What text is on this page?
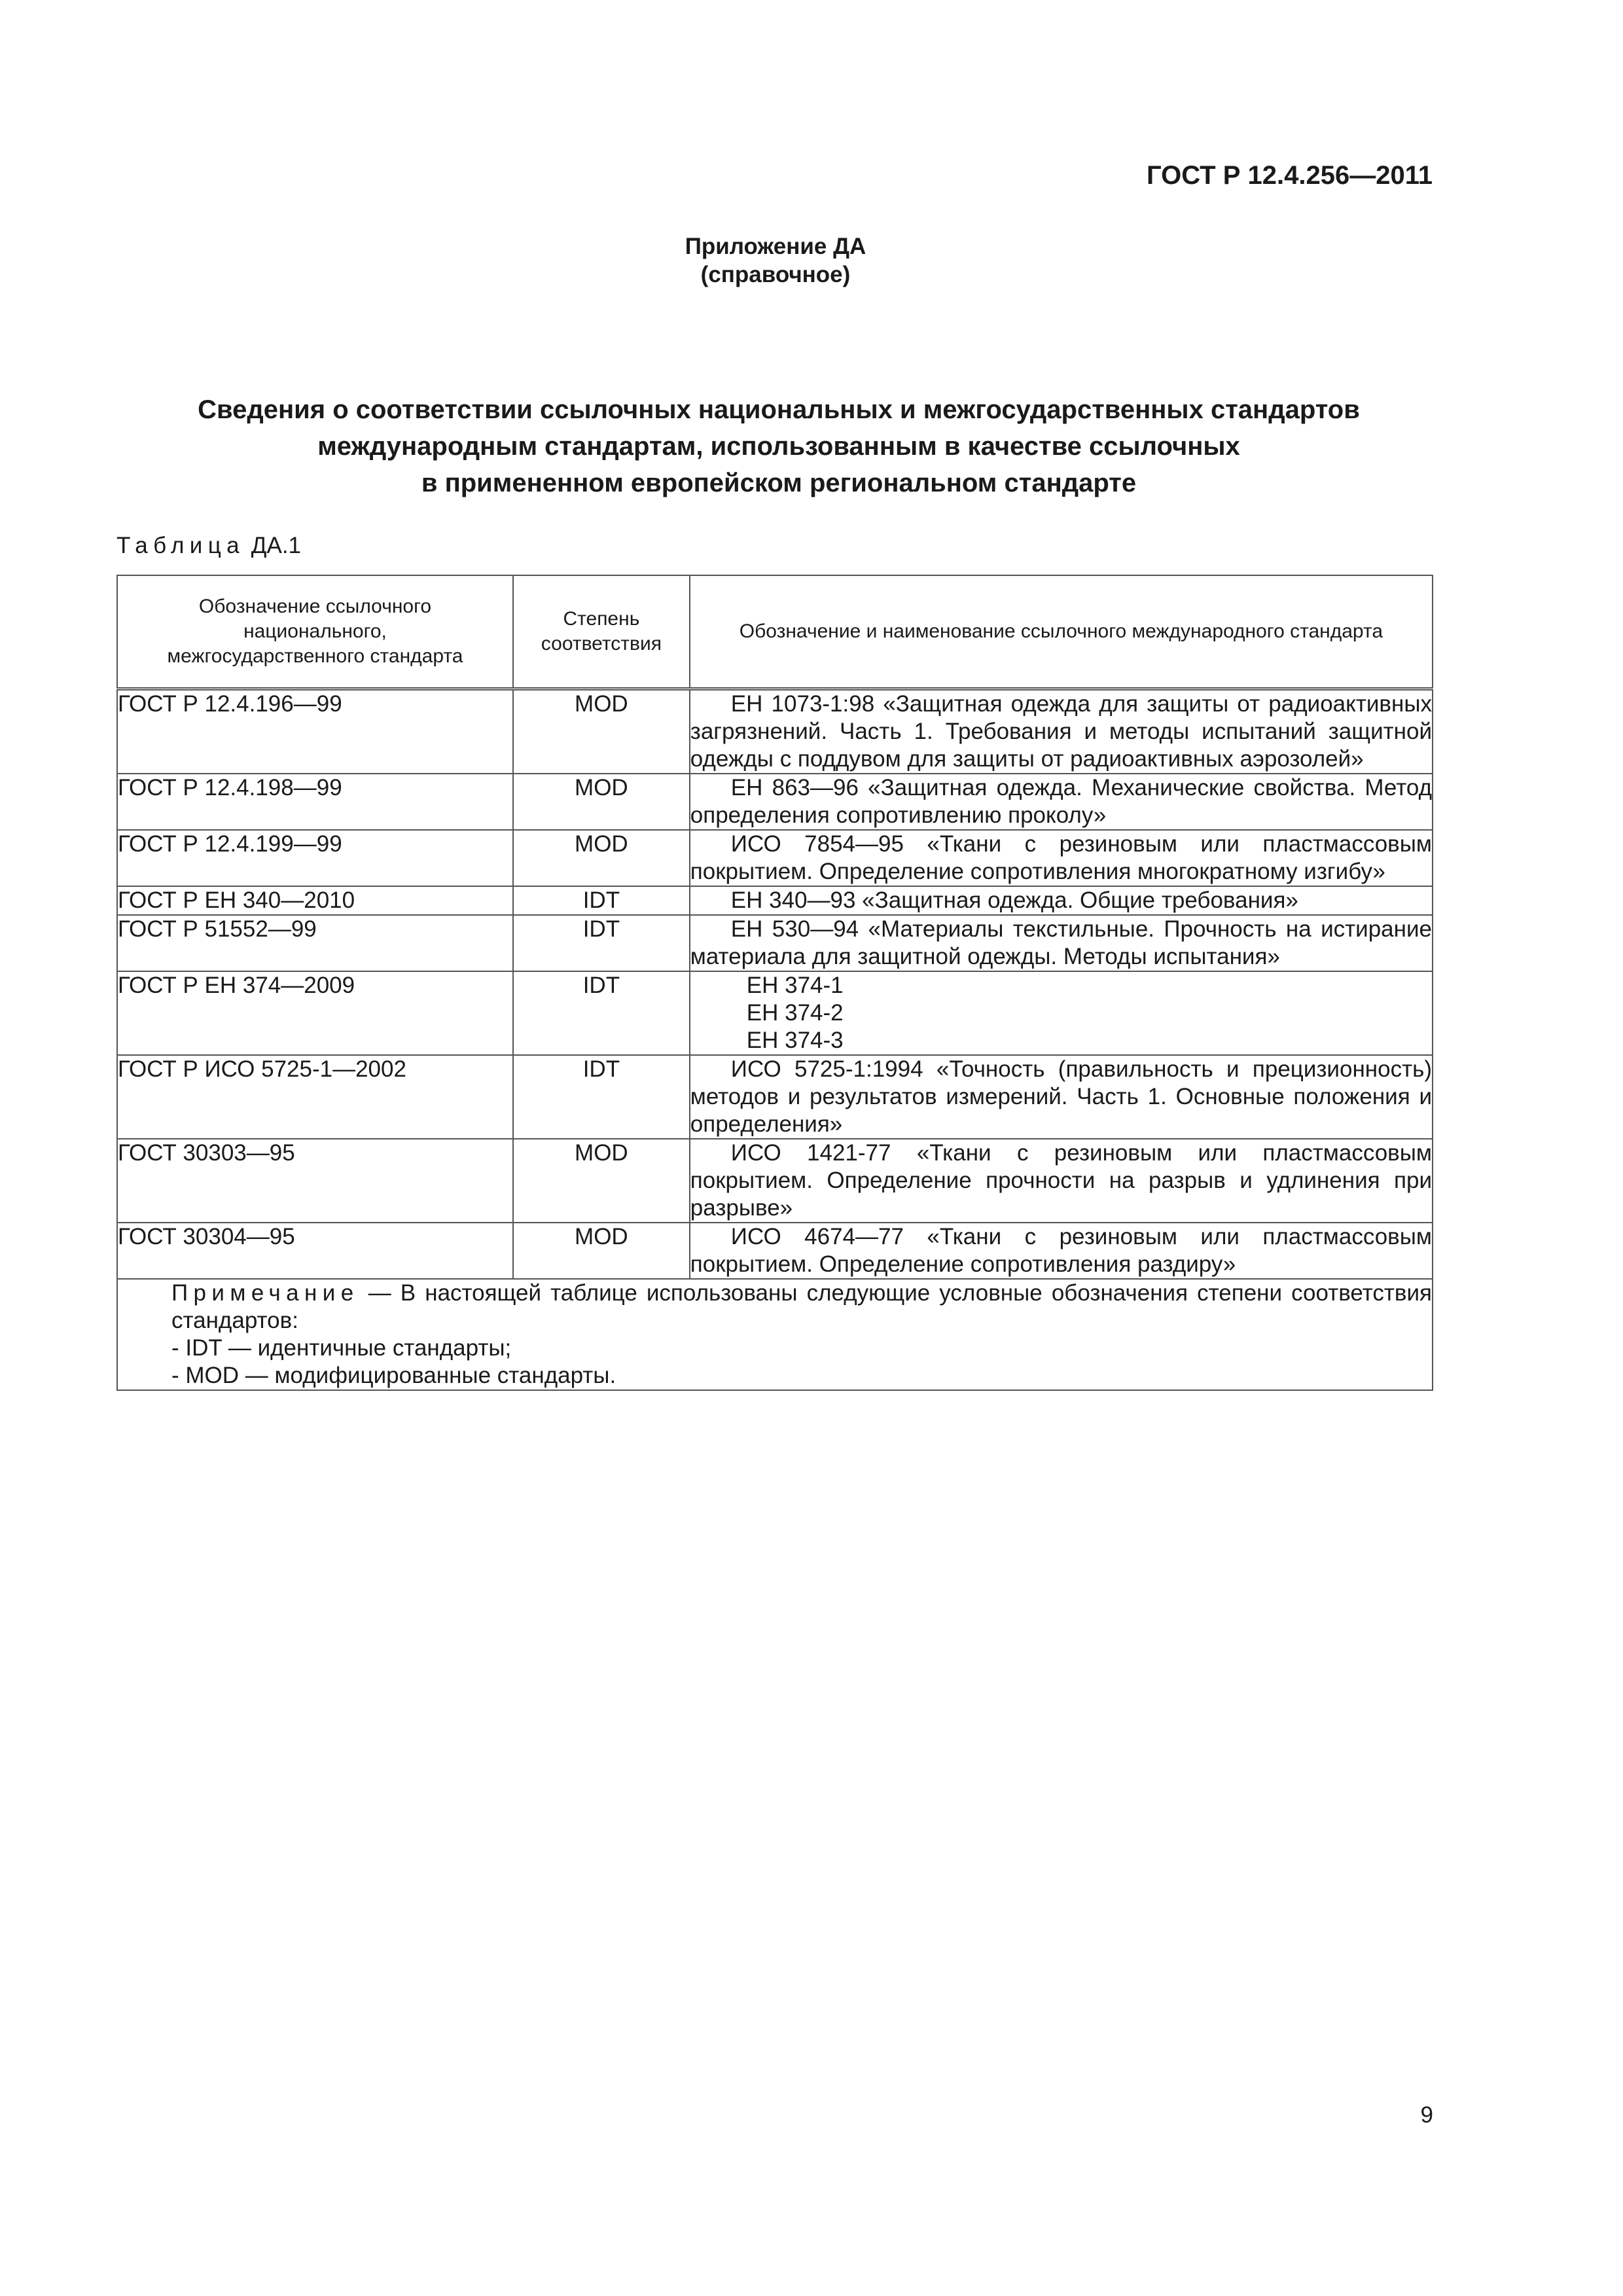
ГОСТ Р 12.4.256—2011
Приложение ДА
(справочное)
Сведения о соответствии ссылочных национальных и межгосударственных стандартов
международным стандартам, использованным в качестве ссылочных
в примененном европейском региональном стандарте
Таблица ДА.1
Обозначение ссылочного национального, межгосударственного стандарта	Степень соответствия	Обозначение и наименование ссылочного международного стандарта

ГОСТ Р 12.4.196—99	MOD	ЕН 1073-1:98 «Защитная одежда для защиты от радиоактивных загрязнений. Часть 1. Требования и методы испытаний защитной одежды с поддувом для защиты от радиоактивных аэрозолей»
ГОСТ Р 12.4.198—99	MOD	ЕН 863—96 «Защитная одежда. Механические свойства. Метод определения сопротивлению проколу»
ГОСТ Р 12.4.199—99	MOD	ИСО 7854—95 «Ткани с резиновым или пластмассовым покрытием. Определение сопротивления многократному изгибу»
ГОСТ Р ЕН 340—2010	IDT	ЕН 340—93 «Защитная одежда. Общие требования»
ГОСТ Р 51552—99	IDT	ЕН 530—94 «Материалы текстильные. Прочность на истирание материала для защитной одежды. Методы испытания»
ГОСТ Р ЕН 374—2009	IDT	ЕН 374-1
ЕН 374-2
ЕН 374-3

ГОСТ Р ИСО 5725-1—2002	IDT	ИСО 5725-1:1994 «Точность (правильность и прецизионность) методов и результатов измерений. Часть 1. Основные положения и определения»
ГОСТ 30303—95	MOD	ИСО 1421-77 «Ткани с резиновым или пластмассовым покрытием. Определение прочности на разрыв и удлинения при разрыве»
ГОСТ 30304—95	MOD	ИСО 4674—77 «Ткани с резиновым или пластмассовым покрытием. Определение сопротивления раздиру»

Примечание — В настоящей таблице использованы следующие условные обозначения степени соответствия стандартов:
- IDT — идентичные стандарты;
- MOD — модифицированные стандарты.		
9
